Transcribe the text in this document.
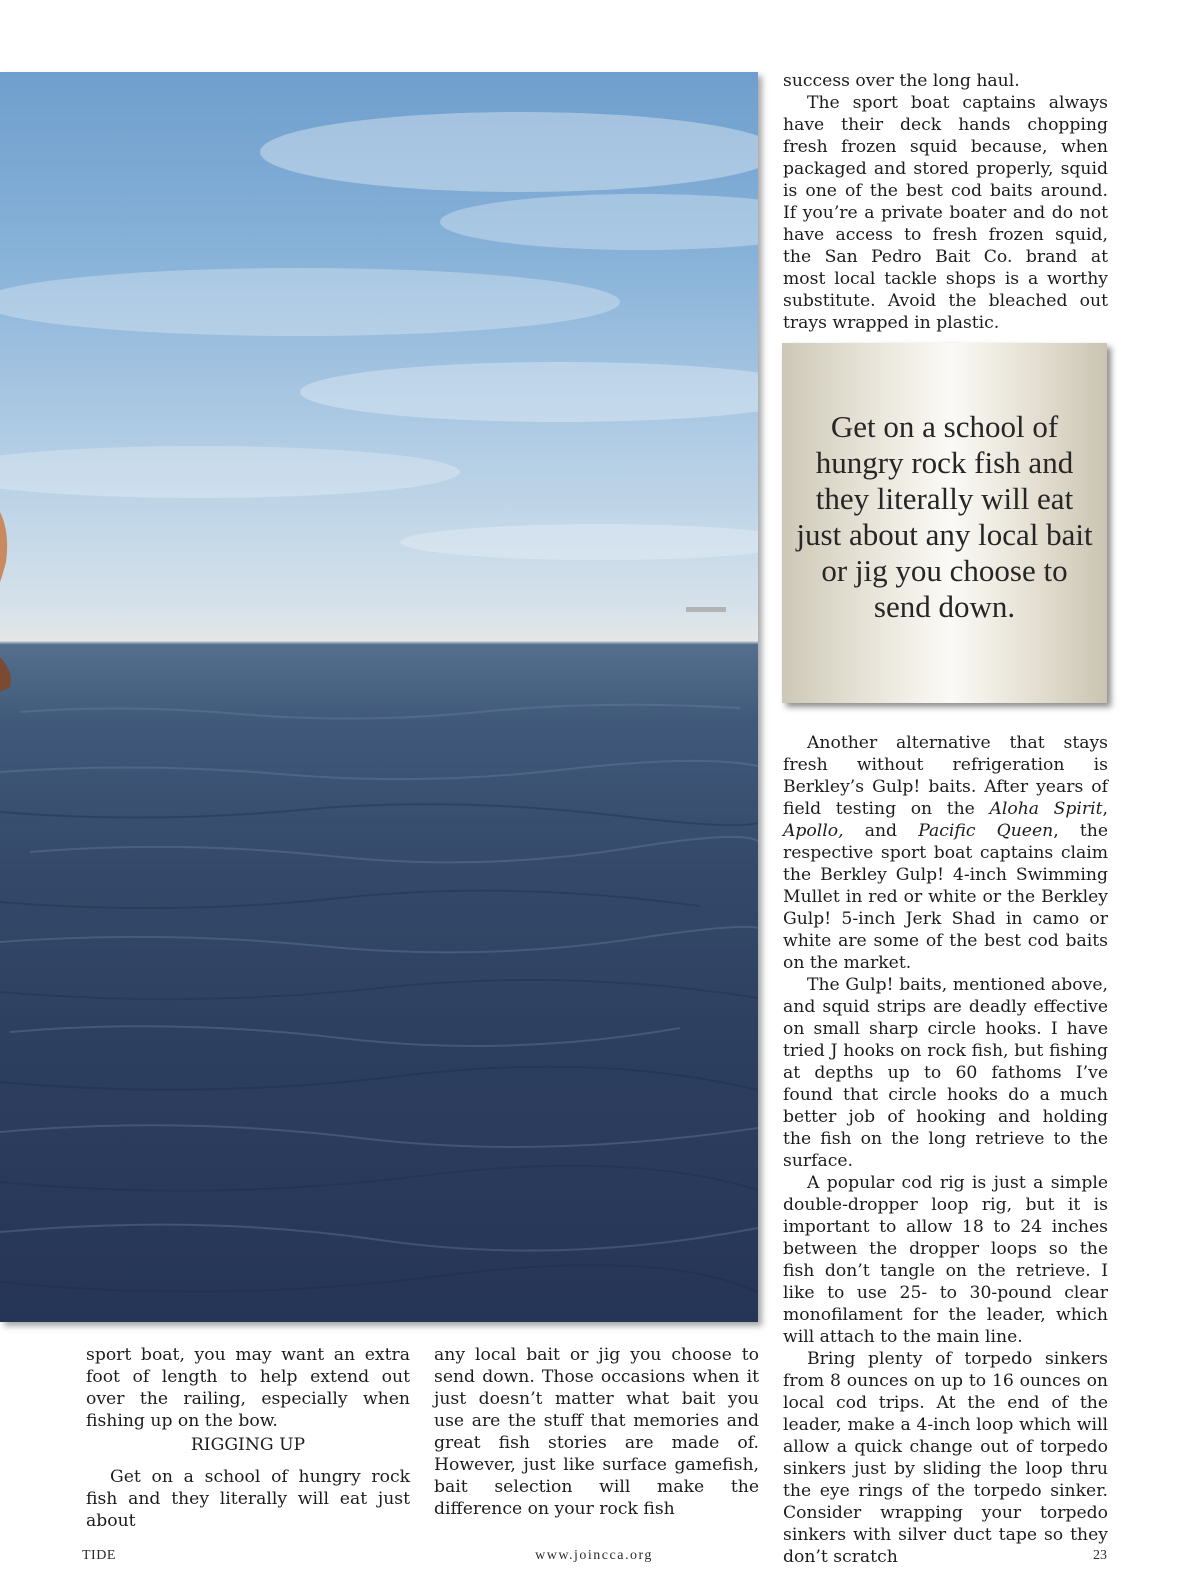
success over the long haul.

The sport boat captains always have their deck hands chopping fresh frozen squid because, when packaged and stored properly, squid is one of the best cod baits around. If you’re a private boater and do not have access to fresh frozen squid, the San Pedro Bait Co. brand at most local tackle shops is a worthy substitute. Avoid the bleached out trays wrapped in plastic.

Get on a school of hungry rock fish and they literally will eat just about any local bait or jig you choose to send down.

Another alternative that stays fresh without refrigeration is Berkley’s Gulp! baits. After years of field testing on the Aloha Spirit, Apollo, and Pacific Queen, the respective sport boat captains claim the Berkley Gulp! 4-inch Swimming Mullet in red or white or the Berkley Gulp! 5-inch Jerk Shad in camo or white are some of the best cod baits on the market.

The Gulp! baits, mentioned above, and squid strips are deadly effective on small sharp circle hooks. I have tried J hooks on rock fish, but fishing at depths up to 60 fathoms I’ve found that circle hooks do a much better job of hooking and holding the fish on the long retrieve to the surface.

A popular cod rig is just a simple double-dropper loop rig, but it is important to allow 18 to 24 inches between the dropper loops so the fish don’t tangle on the retrieve. I like to use 25- to 30-pound clear monofilament for the leader, which will attach to the main line.

Bring plenty of torpedo sinkers from 8 ounces on up to 16 ounces on local cod trips. At the end of the leader, make a 4-inch loop which will allow a quick change out of torpedo sinkers just by sliding the loop thru the eye rings of the torpedo sinker. Consider wrapping your torpedo sinkers with silver duct tape so they don’t scratch

sport boat, you may want an extra foot of length to help extend out over the railing, especially when fishing up on the bow.

RIGGING UP

Get on a school of hungry rock fish and they literally will eat just about

any local bait or jig you choose to send down. Those occasions when it just doesn’t matter what bait you use are the stuff that memories and great fish stories are made of. However, just like surface gamefish, bait selection will make the difference on your rock fish

TIDE	www.joincca.org	23
